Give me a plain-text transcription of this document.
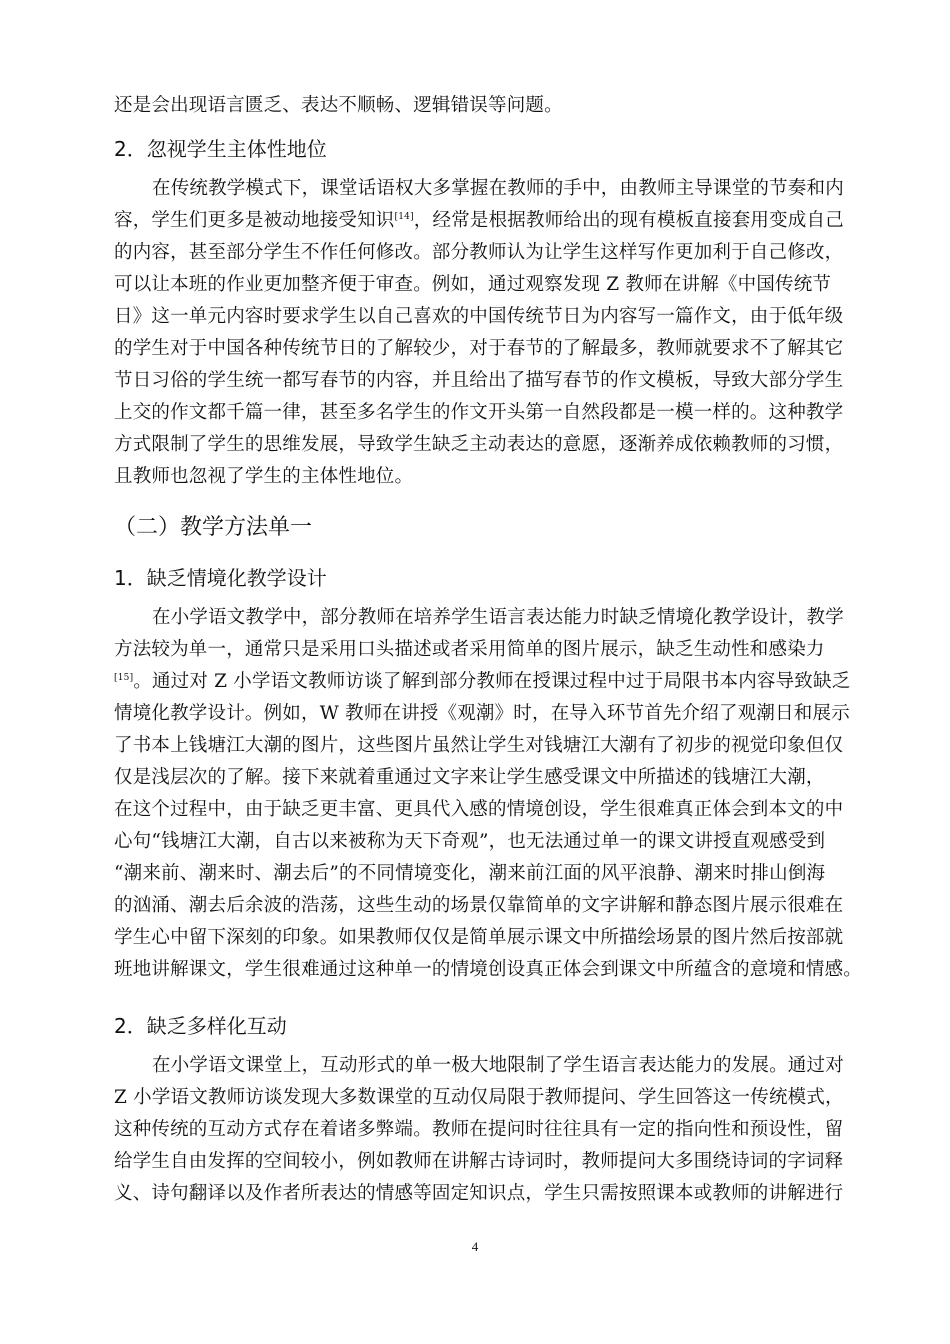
还是会出现语言匮乏、表达不顺畅、逻辑错误等问题。
2．忽视学生主体性地位
在传统教学模式下，课堂话语权大多掌握在教师的手中，由教师主导课堂的节奏和内
容，学生们更多是被动地接受知识[14]，经常是根据教师给出的现有模板直接套用变成自己
的内容，甚至部分学生不作任何修改。部分教师认为让学生这样写作更加利于自己修改，
可以让本班的作业更加整齐便于审查。例如，通过观察发现 Z 教师在讲解《中国传统节
日》这一单元内容时要求学生以自己喜欢的中国传统节日为内容写一篇作文，由于低年级
的学生对于中国各种传统节日的了解较少，对于春节的了解最多，教师就要求不了解其它
节日习俗的学生统一都写春节的内容，并且给出了描写春节的作文模板，导致大部分学生
上交的作文都千篇一律，甚至多名学生的作文开头第一自然段都是一模一样的。这种教学
方式限制了学生的思维发展，导致学生缺乏主动表达的意愿，逐渐养成依赖教师的习惯，
且教师也忽视了学生的主体性地位。
（二）教学方法单一
1．缺乏情境化教学设计
在小学语文教学中，部分教师在培养学生语言表达能力时缺乏情境化教学设计，教学
方法较为单一，通常只是采用口头描述或者采用简单的图片展示，缺乏生动性和感染力
[15]。通过对 Z 小学语文教师访谈了解到部分教师在授课过程中过于局限书本内容导致缺乏
情境化教学设计。例如，W 教师在讲授《观潮》时，在导入环节首先介绍了观潮日和展示
了书本上钱塘江大潮的图片，这些图片虽然让学生对钱塘江大潮有了初步的视觉印象但仅
仅是浅层次的了解。接下来就着重通过文字来让学生感受课文中所描述的钱塘江大潮，
在这个过程中，由于缺乏更丰富、更具代入感的情境创设，学生很难真正体会到本文的中
心句“钱塘江大潮，自古以来被称为天下奇观”，也无法通过单一的课文讲授直观感受到
“潮来前、潮来时、潮去后”的不同情境变化，潮来前江面的风平浪静、潮来时排山倒海
的汹涌、潮去后余波的浩荡，这些生动的场景仅靠简单的文字讲解和静态图片展示很难在
学生心中留下深刻的印象。如果教师仅仅是简单展示课文中所描绘场景的图片然后按部就
班地讲解课文，学生很难通过这种单一的情境创设真正体会到课文中所蕴含的意境和情感。
2．缺乏多样化互动
在小学语文课堂上，互动形式的单一极大地限制了学生语言表达能力的发展。通过对
Z 小学语文教师访谈发现大多数课堂的互动仅局限于教师提问、学生回答这一传统模式，
这种传统的互动方式存在着诸多弊端。教师在提问时往往具有一定的指向性和预设性，留
给学生自由发挥的空间较小，例如教师在讲解古诗词时，教师提问大多围绕诗词的字词释
义、诗句翻译以及作者所表达的情感等固定知识点，学生只需按照课本或教师的讲解进行
4
